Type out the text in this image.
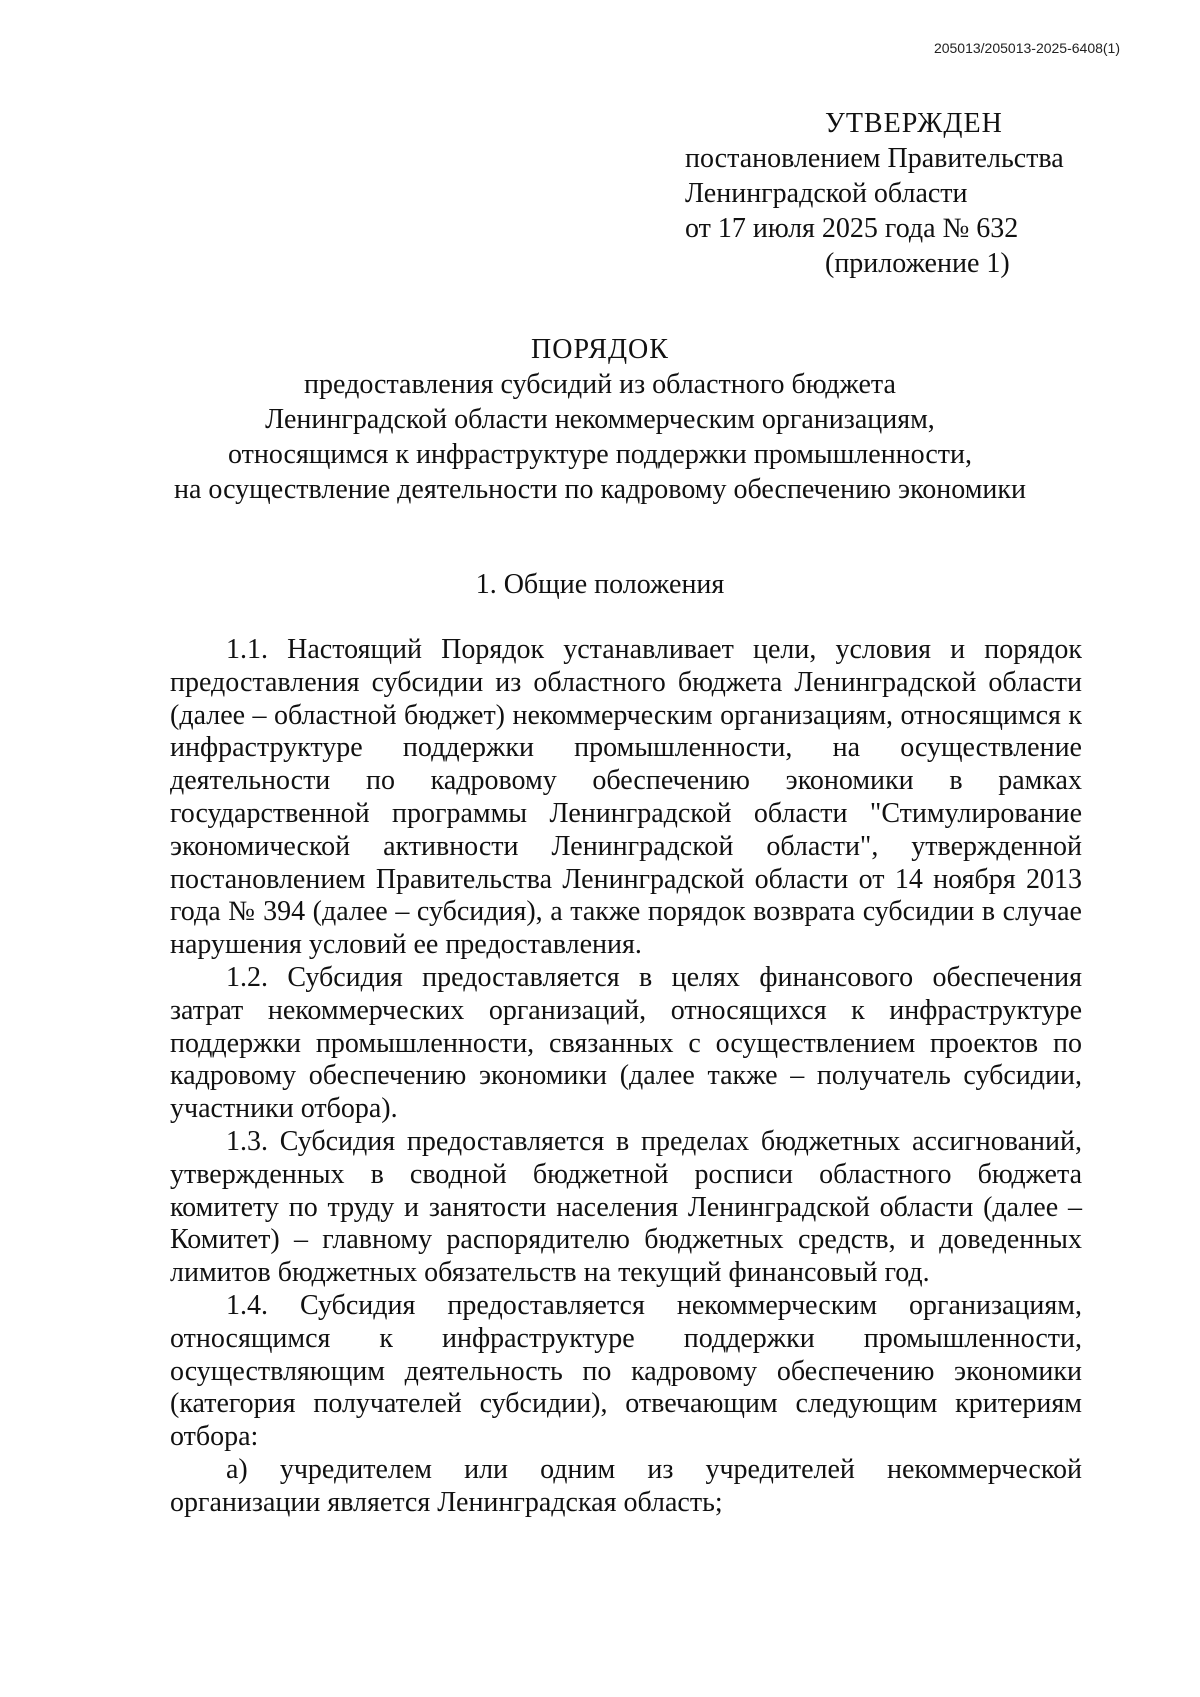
205013/205013-2025-6408(1)
УТВЕРЖДЕН
постановлением Правительства
Ленинградской области
от 17 июля 2025 года № 632
(приложение 1)
ПОРЯДОК
предоставления субсидий из областного бюджета
Ленинградской области некоммерческим организациям,
относящимся к инфраструктуре поддержки промышленности,
на осуществление деятельности по кадровому обеспечению экономики
1. Общие положения

1.1. Настоящий Порядок устанавливает цели, условия и порядок предоставления субсидии из областного бюджета Ленинградской области (далее – областной бюджет) некоммерческим организациям, относящимся к инфраструктуре поддержки промышленности, на осуществление деятельности по кадровому обеспечению экономики в рамках государственной программы Ленинградской области "Стимулирование экономической активности Ленинградской области", утвержденной постановлением Правительства Ленинградской области от 14 ноября 2013 года № 394 (далее – субсидия), а также порядок возврата субсидии в случае нарушения условий ее предоставления.

1.2. Субсидия предоставляется в целях финансового обеспечения затрат некоммерческих организаций, относящихся к инфраструктуре поддержки промышленности, связанных с осуществлением проектов по кадровому обеспечению экономики (далее также – получатель субсидии, участники отбора).

1.3. Субсидия предоставляется в пределах бюджетных ассигнований, утвержденных в сводной бюджетной росписи областного бюджета комитету по труду и занятости населения Ленинградской области (далее – Комитет) – главному распорядителю бюджетных средств, и доведенных лимитов бюджетных обязательств на текущий финансовый год.

1.4. Субсидия предоставляется некоммерческим организациям, относящимся к инфраструктуре поддержки промышленности, осуществляющим деятельность по кадровому обеспечению экономики (категория получателей субсидии), отвечающим следующим критериям отбора:

а) учредителем или одним из учредителей некоммерческой организации является Ленинградская область;
